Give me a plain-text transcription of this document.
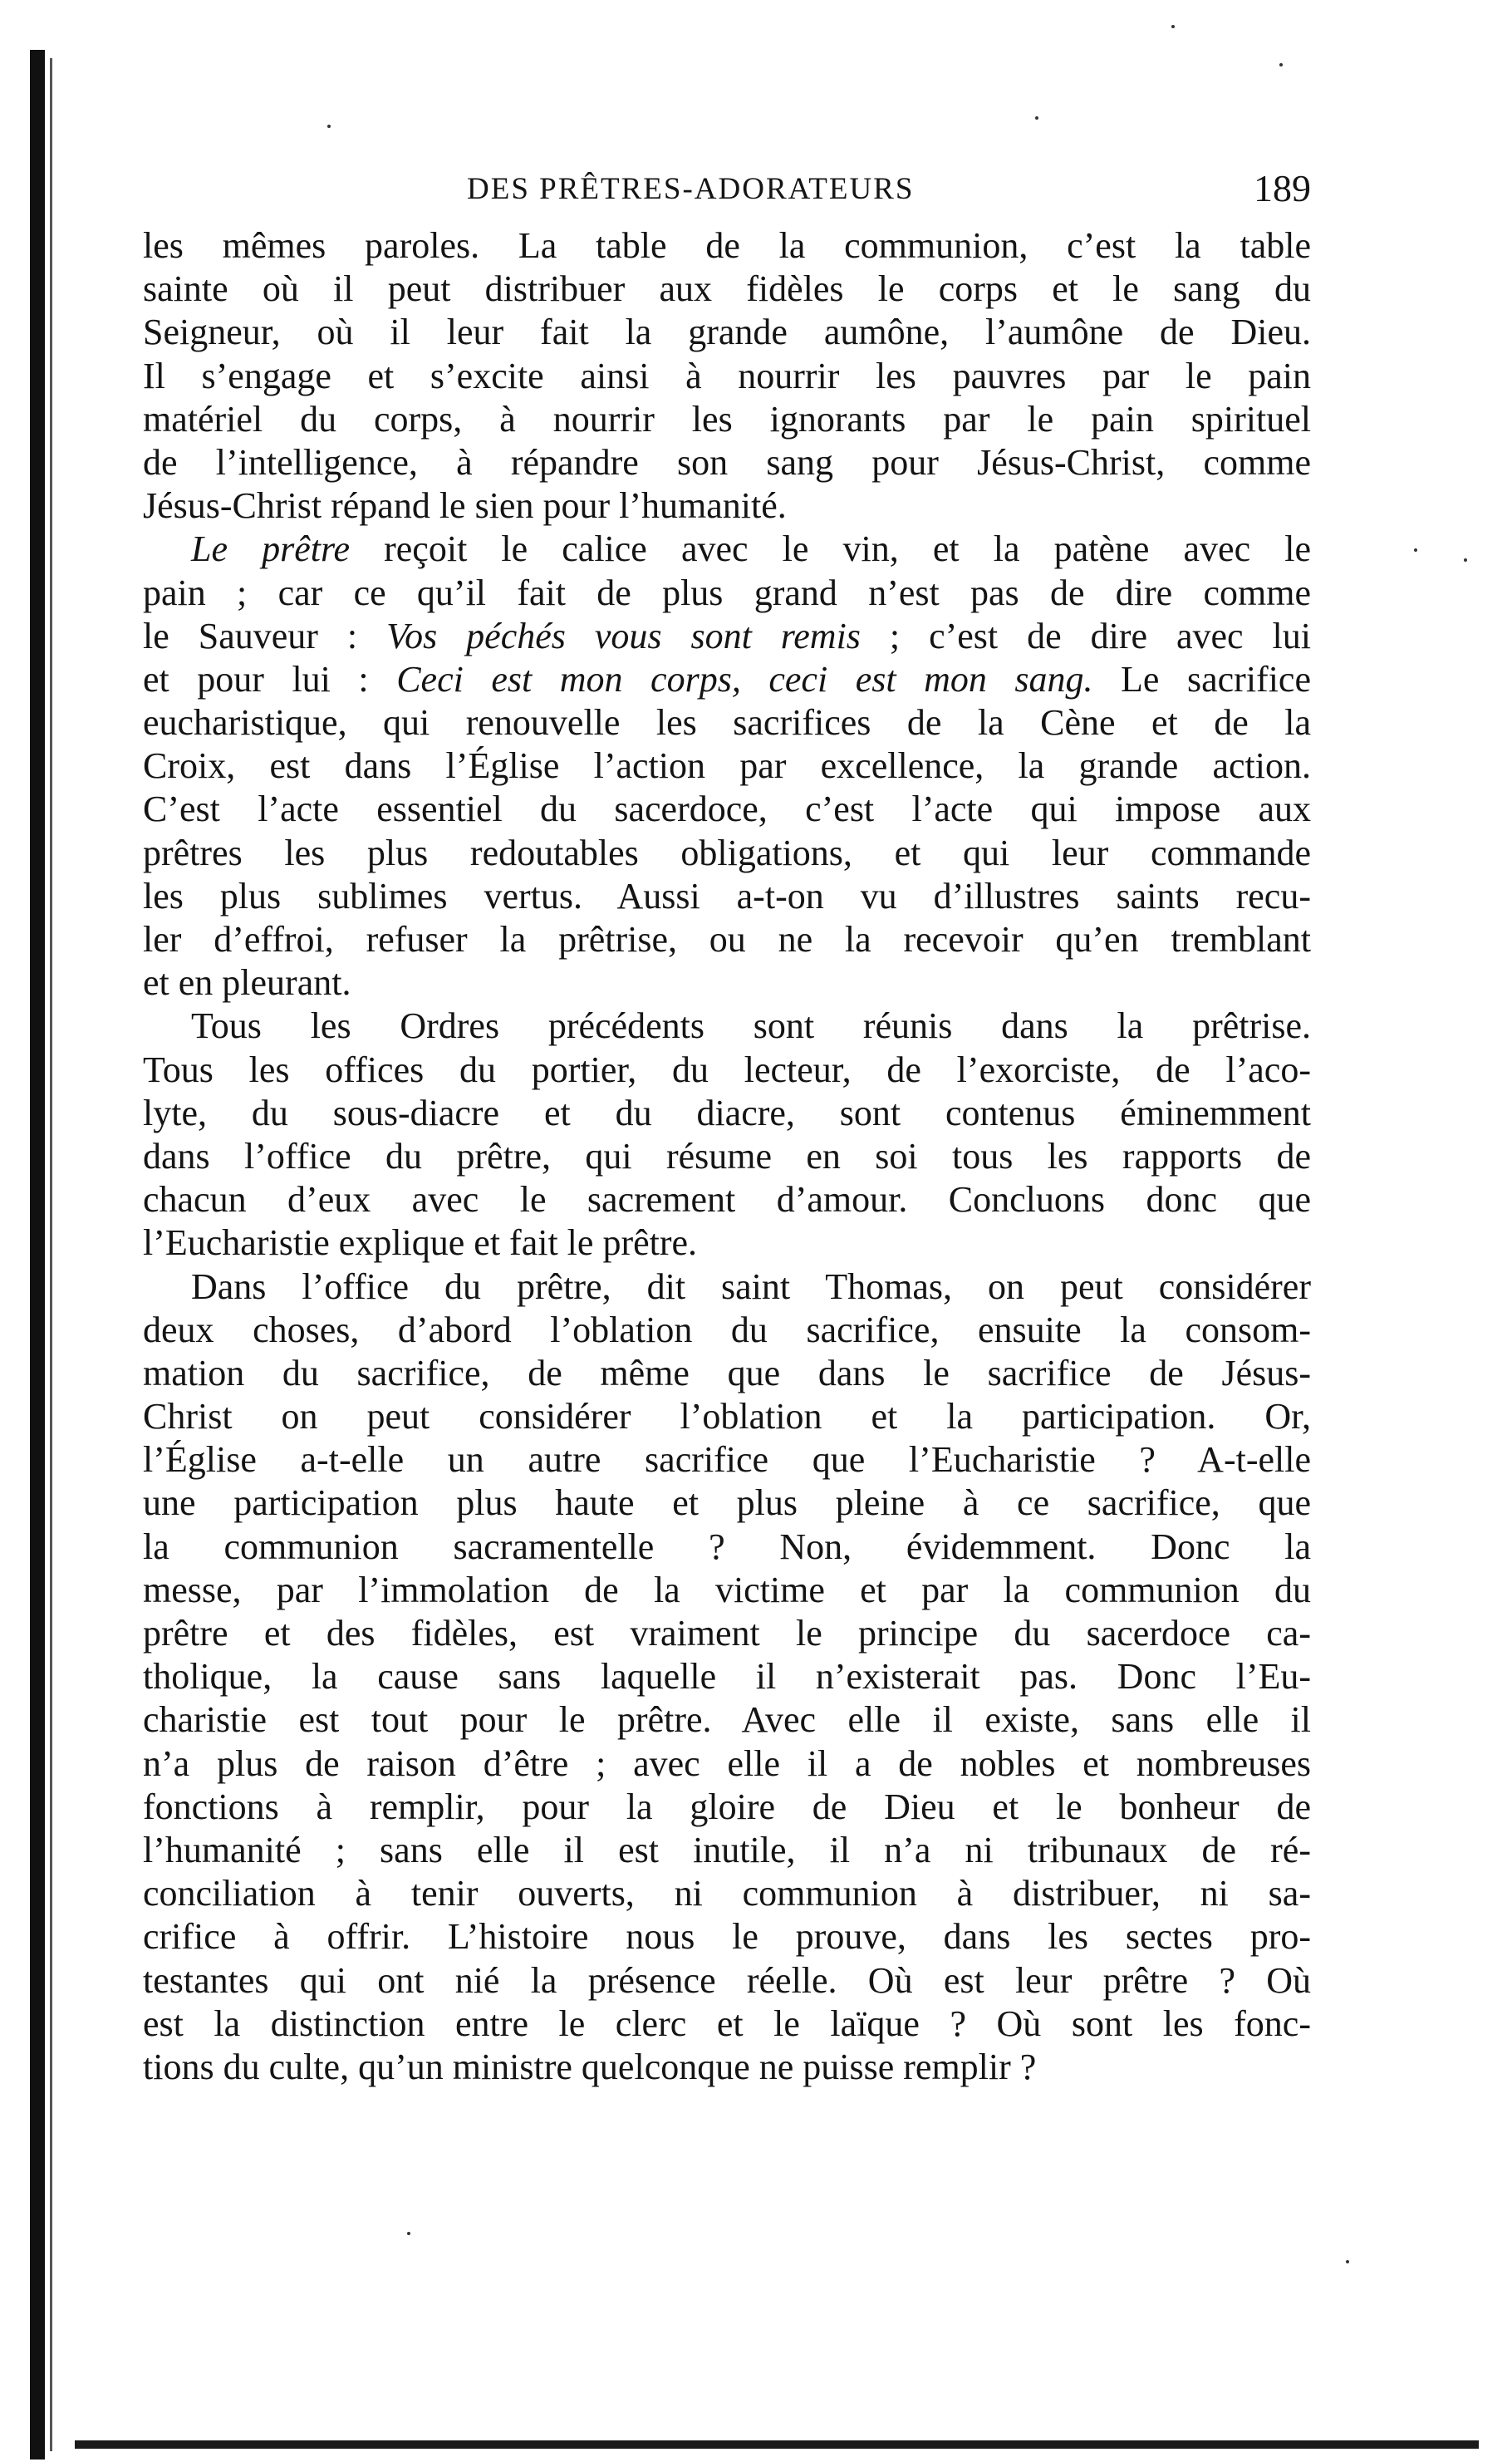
DES PRÊTRES-ADORATEURS	189
les mêmes paroles. La table de la communion, c’est la table
sainte où il peut distribuer aux fidèles le corps et le sang du
Seigneur, où il leur fait la grande aumône, l’aumône de Dieu.
Il s’engage et s’excite ainsi à nourrir les pauvres par le pain
matériel du corps, à nourrir les ignorants par le pain spirituel
de l’intelligence, à répandre son sang pour Jésus-Christ, comme
Jésus-Christ répand le sien pour l’humanité.
Le prêtre reçoit le calice avec le vin, et la patène avec le
pain ; car ce qu’il fait de plus grand n’est pas de dire comme
le Sauveur : Vos péchés vous sont remis ; c’est de dire avec lui
et pour lui : Ceci est mon corps, ceci est mon sang. Le sacrifice
eucharistique, qui renouvelle les sacrifices de la Cène et de la
Croix, est dans l’Église l’action par excellence, la grande action.
C’est l’acte essentiel du sacerdoce, c’est l’acte qui impose aux
prêtres les plus redoutables obligations, et qui leur commande
les plus sublimes vertus. Aussi a-t-on vu d’illustres saints recu-
ler d’effroi, refuser la prêtrise, ou ne la recevoir qu’en tremblant
et en pleurant.
Tous les Ordres précédents sont réunis dans la prêtrise.
Tous les offices du portier, du lecteur, de l’exorciste, de l’aco-
lyte, du sous-diacre et du diacre, sont contenus éminemment
dans l’office du prêtre, qui résume en soi tous les rapports de
chacun d’eux avec le sacrement d’amour. Concluons donc que
l’Eucharistie explique et fait le prêtre.
Dans l’office du prêtre, dit saint Thomas, on peut considérer
deux choses, d’abord l’oblation du sacrifice, ensuite la consom-
mation du sacrifice, de même que dans le sacrifice de Jésus-
Christ on peut considérer l’oblation et la participation. Or,
l’Église a-t-elle un autre sacrifice que l’Eucharistie ? A-t-elle
une participation plus haute et plus pleine à ce sacrifice, que
la communion sacramentelle ? Non, évidemment. Donc la
messe, par l’immolation de la victime et par la communion du
prêtre et des fidèles, est vraiment le principe du sacerdoce ca-
tholique, la cause sans laquelle il n’existerait pas. Donc l’Eu-
charistie est tout pour le prêtre. Avec elle il existe, sans elle il
n’a plus de raison d’être ; avec elle il a de nobles et nombreuses
fonctions à remplir, pour la gloire de Dieu et le bonheur de
l’humanité ; sans elle il est inutile, il n’a ni tribunaux de ré-
conciliation à tenir ouverts, ni communion à distribuer, ni sa-
crifice à offrir. L’histoire nous le prouve, dans les sectes pro-
testantes qui ont nié la présence réelle. Où est leur prêtre ? Où
est la distinction entre le clerc et le laïque ? Où sont les fonc-
tions du culte, qu’un ministre quelconque ne puisse remplir ?
